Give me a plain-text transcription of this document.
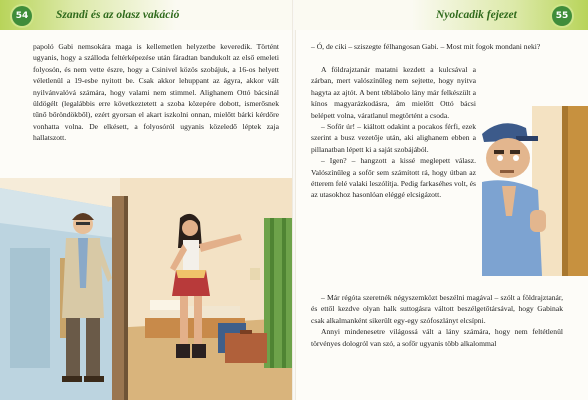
54	Szandi és az olasz vakáció

papoló Gabi nemsokára maga is kellemetlen helyzetbe keveredik. Történt ugyanis, hogy a szálloda feltérképezése után fáradtan bandukolt az első emeleti folyosón, és nem vette észre, hogy a Csinivel közös szobájuk, a 16-os helyett véletlenül a 19-esbe nyitott be. Csak akkor lehuppant az ágyra, akkor vált nyilvánvalóvá számára, hogy valami nem stimmel. Alighanem Ottó bácsinál üldögélt (legalábbis erre következtetett a szoba közepére dobott, ismerősnek tűnő bőröndökből), ezért gyorsan el akart iszkolni onnan, mielőtt bárki kérdőre vonhatta volna. De elkésett, a folyosóról ugyanis közeledő léptek zaja hallatszott.

Nyolcadik fejezet	55

– Ó, de ciki – sziszegte félhangosan Gabi. – Most mit fogok mondani neki?

A földrajztanár matatni kezdett a kulcsával a zárban, mert valószínűleg nem sejtette, hogy nyitva hagyta az ajtót. A bent téblábolo lány már felkészült a kínos magyarázkodásra, ám mielőtt Ottó bácsi belépett volna, váratlanul megtörtént a csoda.

– Sofőr úr! – kiáltott odakint a pocakos férfi, ezek szerint a busz vezetője után, aki alighanem ebben a pillanatban lépett ki a saját szobájából.

– Igen? – hangzott a kissé meglepett válasz. Valószínűleg a sofőr sem számított rá, hogy útban az étterem felé valaki leszólítja. Pedig farkaséhes volt, és az utasokhoz hasonlóan eléggé elcsigázott.

– Már régóta szeretnék négyszemközt beszélni magával – szólt a földrajztanár, és ettől kezdve olyan halk suttogásra váltott beszélgetőtársával, hogy Gabinak csak alkalmanként sikerült egy-egy szófoszlányt elcsípni.

Annyi mindenesetre világossá vált a lány számára, hogy nem feltétlenül törvényes dologról van szó, a sofőr ugyanis több alkalommal
